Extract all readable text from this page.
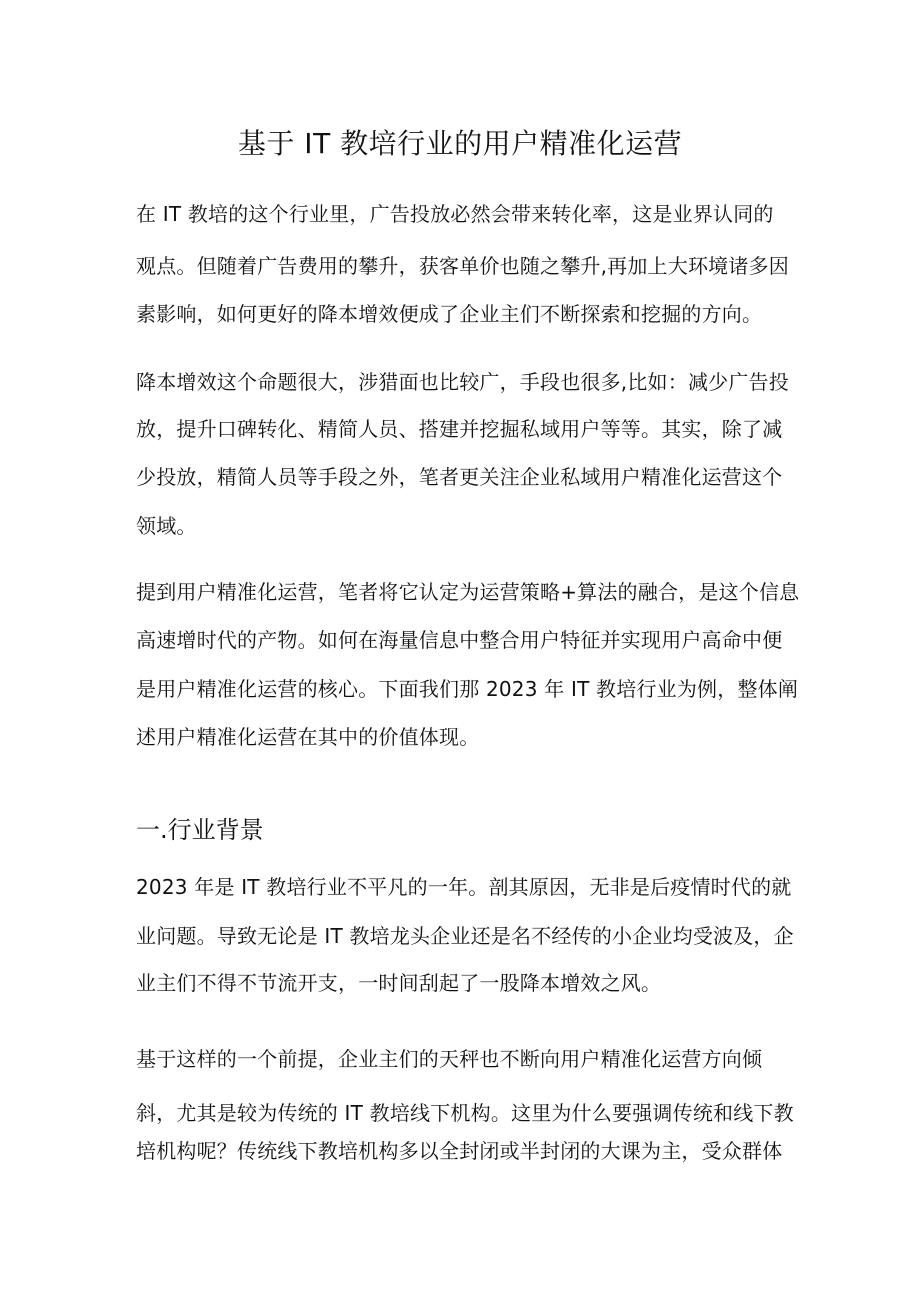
基于 IT 教培行业的用户精准化运营

在 IT 教培的这个行业里，广告投放必然会带来转化率，这是业界认同的

观点。但随着广告费用的攀升，获客单价也随之攀升,再加上大环境诸多因

素影响，如何更好的降本增效便成了企业主们不断探索和挖掘的方向。

降本增效这个命题很大，涉猎面也比较广，手段也很多,比如：减少广告投

放，提升口碑转化、精简人员、搭建并挖掘私域用户等等。其实，除了减

少投放，精简人员等手段之外，笔者更关注企业私域用户精准化运营这个

领域。

提到用户精准化运营，笔者将它认定为运营策略+算法的融合，是这个信息

高速增时代的产物。如何在海量信息中整合用户特征并实现用户高命中便

是用户精准化运营的核心。下面我们那 2023 年 IT 教培行业为例，整体阐

述用户精准化运营在其中的价值体现。

一.行业背景

2023 年是 IT 教培行业不平凡的一年。剖其原因，无非是后疫情时代的就

业问题。导致无论是 IT 教培龙头企业还是名不经传的小企业均受波及，企

业主们不得不节流开支，一时间刮起了一股降本增效之风。

基于这样的一个前提，企业主们的天秤也不断向用户精准化运营方向倾

斜，尤其是较为传统的 IT 教培线下机构。这里为什么要强调传统和线下教

培机构呢？传统线下教培机构多以全封闭或半封闭的大课为主，受众群体
